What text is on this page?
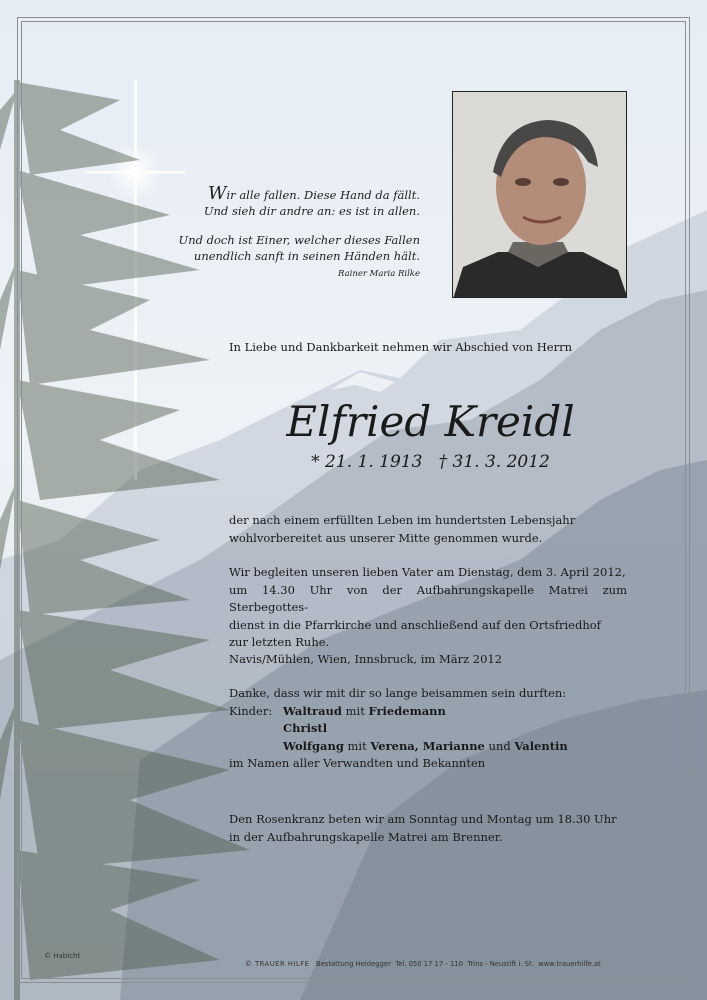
Wir alle fallen. Diese Hand da fällt.
Und sieh dir andre an: es ist in allen.
Und doch ist Einer, welcher dieses Fallen
unendlich sanft in seinen Händen hält.
Rainer Maria Rilke
In Liebe und Dankbarkeit nehmen wir Abschied von Herrn
Elfried Kreidl
* 21. 1. 1913   † 31. 3. 2012
der nach einem erfüllten Leben im hundertsten Lebensjahr
wohlvorbereitet aus unserer Mitte genommen wurde.
Wir begleiten unseren lieben Vater am Dienstag, dem 3. April 2012,
um 14.30 Uhr von der Aufbahrungskapelle Matrei zum Sterbegottes-
dienst in die Pfarrkirche und anschließend auf den Ortsfriedhof
zur letzten Ruhe.
Navis/Mühlen, Wien, Innsbruck, im März 2012
Danke, dass wir mit dir so lange beisammen sein durften:
Kinder: Waltraud mit Friedemann
Christl
Wolfgang mit Verena, Marianne und Valentin
im Namen aller Verwandten und Bekannten
Den Rosenkranz beten wir am Sonntag und Montag um 18.30 Uhr
in der Aufbahrungskapelle Matrei am Brenner.
© Habicht
© TRAUER HILFE Bestattung Heidegger  Tel. 050 17 17 - 110  Trins - Neustift i. St.  www.trauerhilfe.at
